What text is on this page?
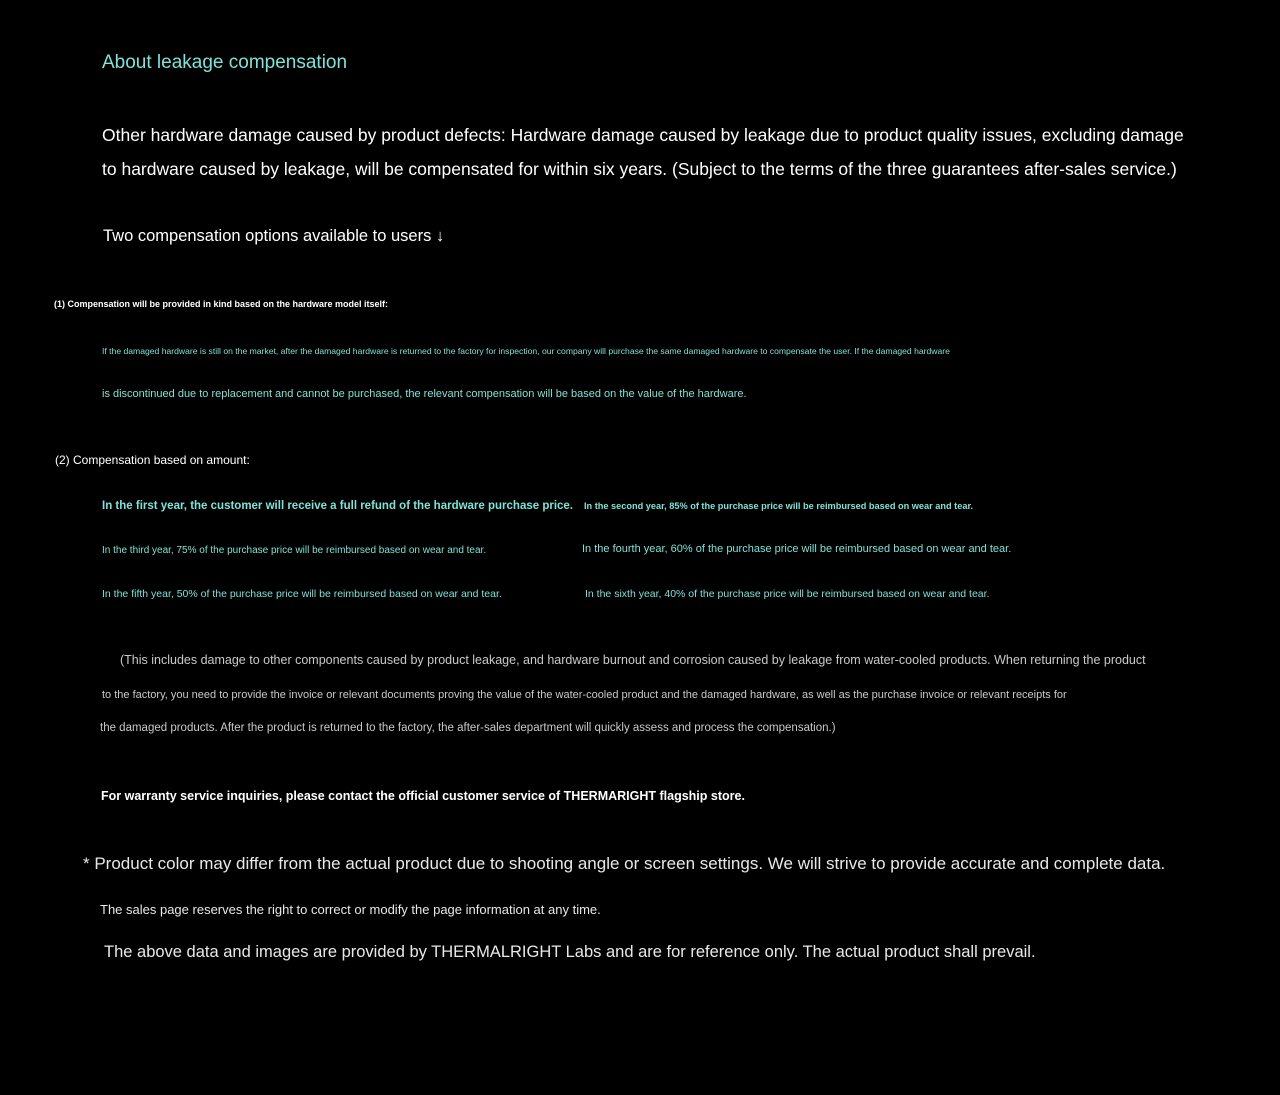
About leakage compensation
Other hardware damage caused by product defects: Hardware damage caused by leakage due to product quality issues, excluding damage
to hardware caused by leakage, will be compensated for within six years. (Subject to the terms of the three guarantees after-sales service.)
Two compensation options available to users ↓
(1) Compensation will be provided in kind based on the hardware model itself:
If the damaged hardware is still on the market, after the damaged hardware is returned to the factory for inspection, our company will purchase the same damaged hardware to compensate the user. If the damaged hardware
is discontinued due to replacement and cannot be purchased, the relevant compensation will be based on the value of the hardware.
(2) Compensation based on amount:
In the first year, the customer will receive a full refund of the hardware purchase price. In the second year, 85% of the purchase price will be reimbursed based on wear and tear.
In the third year, 75% of the purchase price will be reimbursed based on wear and tear.	In the fourth year, 60% of the purchase price will be reimbursed based on wear and tear.
In the fifth year, 50% of the purchase price will be reimbursed based on wear and tear.	In the sixth year, 40% of the purchase price will be reimbursed based on wear and tear.
(This includes damage to other components caused by product leakage, and hardware burnout and corrosion caused by leakage from water-cooled products. When returning the product
to the factory, you need to provide the invoice or relevant documents proving the value of the water-cooled product and the damaged hardware, as well as the purchase invoice or relevant receipts for
the damaged products. After the product is returned to the factory, the after-sales department will quickly assess and process the compensation.)
For warranty service inquiries, please contact the official customer service of THERMARIGHT flagship store.
* Product color may differ from the actual product due to shooting angle or screen settings. We will strive to provide accurate and complete data.
The sales page reserves the right to correct or modify the page information at any time.
The above data and images are provided by THERMALRIGHT Labs and are for reference only. The actual product shall prevail.
